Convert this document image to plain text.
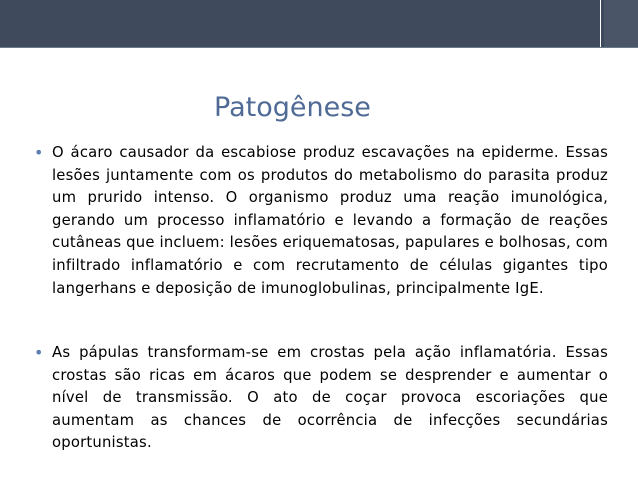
Patogênese
• O ácaro causador da escabiose produz escavações na epiderme. Essas lesões juntamente com os produtos do metabolismo do parasita produz um prurido intenso. O organismo produz uma reação imunológica, gerando um processo inflamatório e levando a formação de reações cutâneas que incluem: lesões eriquematosas, papulares e bolhosas, com infiltrado inflamatório e com recrutamento de células gigantes tipo langerhans e deposição de imunoglobulinas, principalmente IgE.
• As pápulas transformam-se em crostas pela ação inflamatória. Essas crostas são ricas em ácaros que podem se desprender e aumentar o nível de transmissão. O ato de coçar provoca escoriações que aumentam as chances de ocorrência de infecções secundárias oportunistas.
